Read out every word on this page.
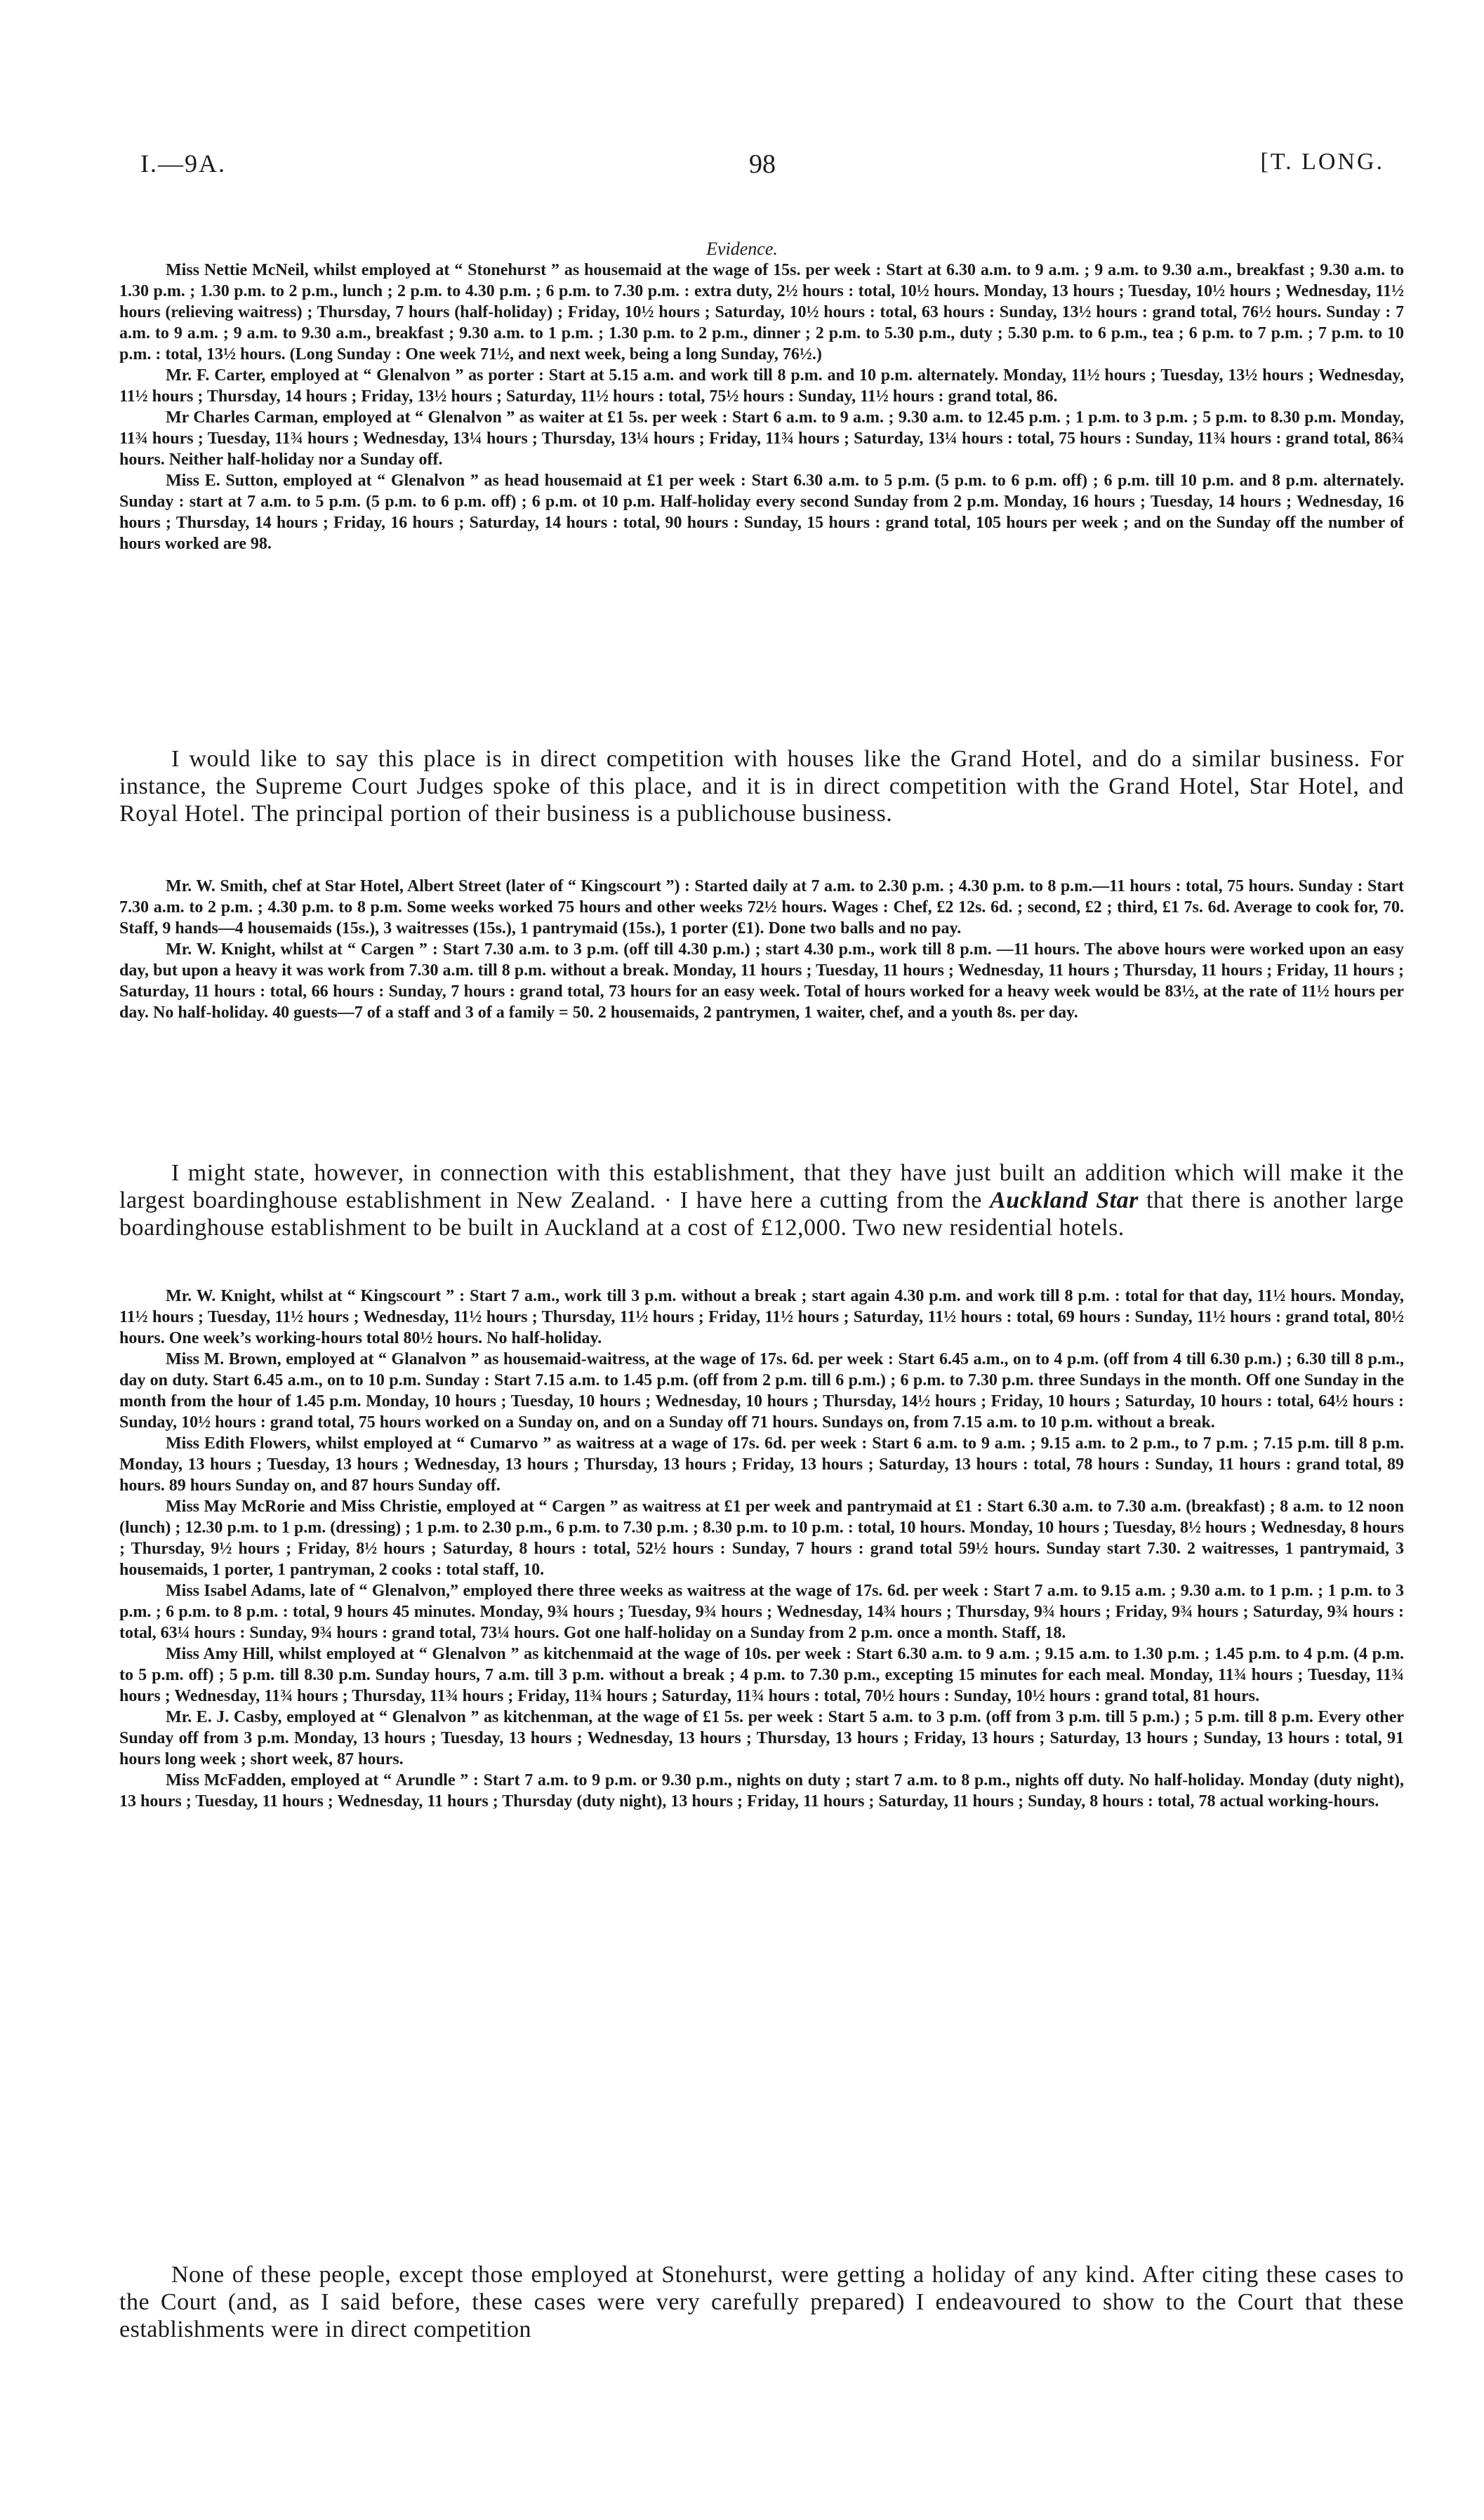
I.—9A.	98	[T. LONG.
Evidence.

Miss Nettie McNeil, whilst employed at “ Stonehurst ” as housemaid at the wage of 15s. per week : Start at 6.30 a.m. to 9 a.m. ; 9 a.m. to 9.30 a.m., breakfast ; 9.30 a.m. to 1.30 p.m. ; 1.30 p.m. to 2 p.m., lunch ; 2 p.m. to 4.30 p.m. ; 6 p.m. to 7.30 p.m. : extra duty, 2½ hours : total, 10½ hours. Monday, 13 hours ; Tuesday, 10½ hours ; Wednesday, 11½ hours (relieving waitress) ; Thursday, 7 hours (half-holiday) ; Friday, 10½ hours ; Saturday, 10½ hours : total, 63 hours : Sunday, 13½ hours : grand total, 76½ hours. Sunday : 7 a.m. to 9 a.m. ; 9 a.m. to 9.30 a.m., breakfast ; 9.30 a.m. to 1 p.m. ; 1.30 p.m. to 2 p.m., dinner ; 2 p.m. to 5.30 p.m., duty ; 5.30 p.m. to 6 p.m., tea ; 6 p.m. to 7 p.m. ; 7 p.m. to 10 p.m. : total, 13½ hours. (Long Sunday : One week 71½, and next week, being a long Sunday, 76½.)

Mr. F. Carter, employed at “ Glenalvon ” as porter : Start at 5.15 a.m. and work till 8 p.m. and 10 p.m. alternately. Monday, 11½ hours ; Tuesday, 13½ hours ; Wednesday, 11½ hours ; Thursday, 14 hours ; Friday, 13½ hours ; Saturday, 11½ hours : total, 75½ hours : Sunday, 11½ hours : grand total, 86.

Mr Charles Carman, employed at “ Glenalvon ” as waiter at £1 5s. per week : Start 6 a.m. to 9 a.m. ; 9.30 a.m. to 12.45 p.m. ; 1 p.m. to 3 p.m. ; 5 p.m. to 8.30 p.m. Monday, 11¾ hours ; Tuesday, 11¾ hours ; Wednesday, 13¼ hours ; Thursday, 13¼ hours ; Friday, 11¾ hours ; Saturday, 13¼ hours : total, 75 hours : Sunday, 11¾ hours : grand total, 86¾ hours. Neither half-holiday nor a Sunday off.

Miss E. Sutton, employed at “ Glenalvon ” as head housemaid at £1 per week : Start 6.30 a.m. to 5 p.m. (5 p.m. to 6 p.m. off) ; 6 p.m. till 10 p.m. and 8 p.m. alternately. Sunday : start at 7 a.m. to 5 p.m. (5 p.m. to 6 p.m. off) ; 6 p.m. ot 10 p.m. Half-holiday every second Sunday from 2 p.m. Monday, 16 hours ; Tuesday, 14 hours ; Wednesday, 16 hours ; Thursday, 14 hours ; Friday, 16 hours ; Saturday, 14 hours : total, 90 hours : Sunday, 15 hours : grand total, 105 hours per week ; and on the Sunday off the number of hours worked are 98.

I would like to say this place is in direct competition with houses like the Grand Hotel, and do a similar business. For instance, the Supreme Court Judges spoke of this place, and it is in direct competition with the Grand Hotel, Star Hotel, and Royal Hotel. The principal portion of their business is a publichouse business.

Mr. W. Smith, chef at Star Hotel, Albert Street (later of “ Kingscourt ”) : Started daily at 7 a.m. to 2.30 p.m. ; 4.30 p.m. to 8 p.m.—11 hours : total, 75 hours. Sunday : Start 7.30 a.m. to 2 p.m. ; 4.30 p.m. to 8 p.m. Some weeks worked 75 hours and other weeks 72½ hours. Wages : Chef, £2 12s. 6d. ; second, £2 ; third, £1 7s. 6d. Average to cook for, 70. Staff, 9 hands—4 housemaids (15s.), 3 waitresses (15s.), 1 pantrymaid (15s.), 1 porter (£1). Done two balls and no pay.

Mr. W. Knight, whilst at “ Cargen ” : Start 7.30 a.m. to 3 p.m. (off till 4.30 p.m.) ; start 4.30 p.m., work till 8 p.m. —11 hours. The above hours were worked upon an easy day, but upon a heavy it was work from 7.30 a.m. till 8 p.m. without a break. Monday, 11 hours ; Tuesday, 11 hours ; Wednesday, 11 hours ; Thursday, 11 hours ; Friday, 11 hours ; Saturday, 11 hours : total, 66 hours : Sunday, 7 hours : grand total, 73 hours for an easy week. Total of hours worked for a heavy week would be 83½, at the rate of 11½ hours per day. No half-holiday. 40 guests—7 of a staff and 3 of a family = 50. 2 housemaids, 2 pantrymen, 1 waiter, chef, and a youth 8s. per day.

I might state, however, in connection with this establishment, that they have just built an addition which will make it the largest boardinghouse establishment in New Zealand. · I have here a cutting from the Auckland Star that there is another large boardinghouse establishment to be built in Auckland at a cost of £12,000. Two new residential hotels.

Mr. W. Knight, whilst at “ Kingscourt ” : Start 7 a.m., work till 3 p.m. without a break ; start again 4.30 p.m. and work till 8 p.m. : total for that day, 11½ hours. Monday, 11½ hours ; Tuesday, 11½ hours ; Wednesday, 11½ hours ; Thursday, 11½ hours ; Friday, 11½ hours ; Saturday, 11½ hours : total, 69 hours : Sunday, 11½ hours : grand total, 80½ hours. One week’s working-hours total 80½ hours. No half-holiday.

Miss M. Brown, employed at “ Glanalvon ” as housemaid-waitress, at the wage of 17s. 6d. per week : Start 6.45 a.m., on to 4 p.m. (off from 4 till 6.30 p.m.) ; 6.30 till 8 p.m., day on duty. Start 6.45 a.m., on to 10 p.m. Sunday : Start 7.15 a.m. to 1.45 p.m. (off from 2 p.m. till 6 p.m.) ; 6 p.m. to 7.30 p.m. three Sundays in the month. Off one Sunday in the month from the hour of 1.45 p.m. Monday, 10 hours ; Tuesday, 10 hours ; Wednesday, 10 hours ; Thursday, 14½ hours ; Friday, 10 hours ; Saturday, 10 hours : total, 64½ hours : Sunday, 10½ hours : grand total, 75 hours worked on a Sunday on, and on a Sunday off 71 hours. Sundays on, from 7.15 a.m. to 10 p.m. without a break.

Miss Edith Flowers, whilst employed at “ Cumarvo ” as waitress at a wage of 17s. 6d. per week : Start 6 a.m. to 9 a.m. ; 9.15 a.m. to 2 p.m., to 7 p.m. ; 7.15 p.m. till 8 p.m. Monday, 13 hours ; Tuesday, 13 hours ; Wednesday, 13 hours ; Thursday, 13 hours ; Friday, 13 hours ; Saturday, 13 hours : total, 78 hours : Sunday, 11 hours : grand total, 89 hours. 89 hours Sunday on, and 87 hours Sunday off.

Miss May McRorie and Miss Christie, employed at “ Cargen ” as waitress at £1 per week and pantrymaid at £1 : Start 6.30 a.m. to 7.30 a.m. (breakfast) ; 8 a.m. to 12 noon (lunch) ; 12.30 p.m. to 1 p.m. (dressing) ; 1 p.m. to 2.30 p.m., 6 p.m. to 7.30 p.m. ; 8.30 p.m. to 10 p.m. : total, 10 hours. Monday, 10 hours ; Tuesday, 8½ hours ; Wednesday, 8 hours ; Thursday, 9½ hours ; Friday, 8½ hours ; Saturday, 8 hours : total, 52½ hours : Sunday, 7 hours : grand total 59½ hours. Sunday start 7.30. 2 waitresses, 1 pantrymaid, 3 housemaids, 1 porter, 1 pantryman, 2 cooks : total staff, 10.

Miss Isabel Adams, late of “ Glenalvon,” employed there three weeks as waitress at the wage of 17s. 6d. per week : Start 7 a.m. to 9.15 a.m. ; 9.30 a.m. to 1 p.m. ; 1 p.m. to 3 p.m. ; 6 p.m. to 8 p.m. : total, 9 hours 45 minutes. Monday, 9¾ hours ; Tuesday, 9¾ hours ; Wednesday, 14¾ hours ; Thursday, 9¾ hours ; Friday, 9¾ hours ; Saturday, 9¾ hours : total, 63¼ hours : Sunday, 9¾ hours : grand total, 73¼ hours. Got one half-holiday on a Sunday from 2 p.m. once a month. Staff, 18.

Miss Amy Hill, whilst employed at “ Glenalvon ” as kitchenmaid at the wage of 10s. per week : Start 6.30 a.m. to 9 a.m. ; 9.15 a.m. to 1.30 p.m. ; 1.45 p.m. to 4 p.m. (4 p.m. to 5 p.m. off) ; 5 p.m. till 8.30 p.m. Sunday hours, 7 a.m. till 3 p.m. without a break ; 4 p.m. to 7.30 p.m., excepting 15 minutes for each meal. Monday, 11¾ hours ; Tuesday, 11¾ hours ; Wednesday, 11¾ hours ; Thursday, 11¾ hours ; Friday, 11¾ hours ; Saturday, 11¾ hours : total, 70½ hours : Sunday, 10½ hours : grand total, 81 hours.

Mr. E. J. Casby, employed at “ Glenalvon ” as kitchenman, at the wage of £1 5s. per week : Start 5 a.m. to 3 p.m. (off from 3 p.m. till 5 p.m.) ; 5 p.m. till 8 p.m. Every other Sunday off from 3 p.m. Monday, 13 hours ; Tuesday, 13 hours ; Wednesday, 13 hours ; Thursday, 13 hours ; Friday, 13 hours ; Saturday, 13 hours ; Sunday, 13 hours : total, 91 hours long week ; short week, 87 hours.

Miss McFadden, employed at “ Arundle ” : Start 7 a.m. to 9 p.m. or 9.30 p.m., nights on duty ; start 7 a.m. to 8 p.m., nights off duty. No half-holiday. Monday (duty night), 13 hours ; Tuesday, 11 hours ; Wednesday, 11 hours ; Thursday (duty night), 13 hours ; Friday, 11 hours ; Saturday, 11 hours ; Sunday, 8 hours : total, 78 actual working-hours.

None of these people, except those employed at Stonehurst, were getting a holiday of any kind. After citing these cases to the Court (and, as I said before, these cases were very carefully prepared) I endeavoured to show to the Court that these establishments were in direct competition
